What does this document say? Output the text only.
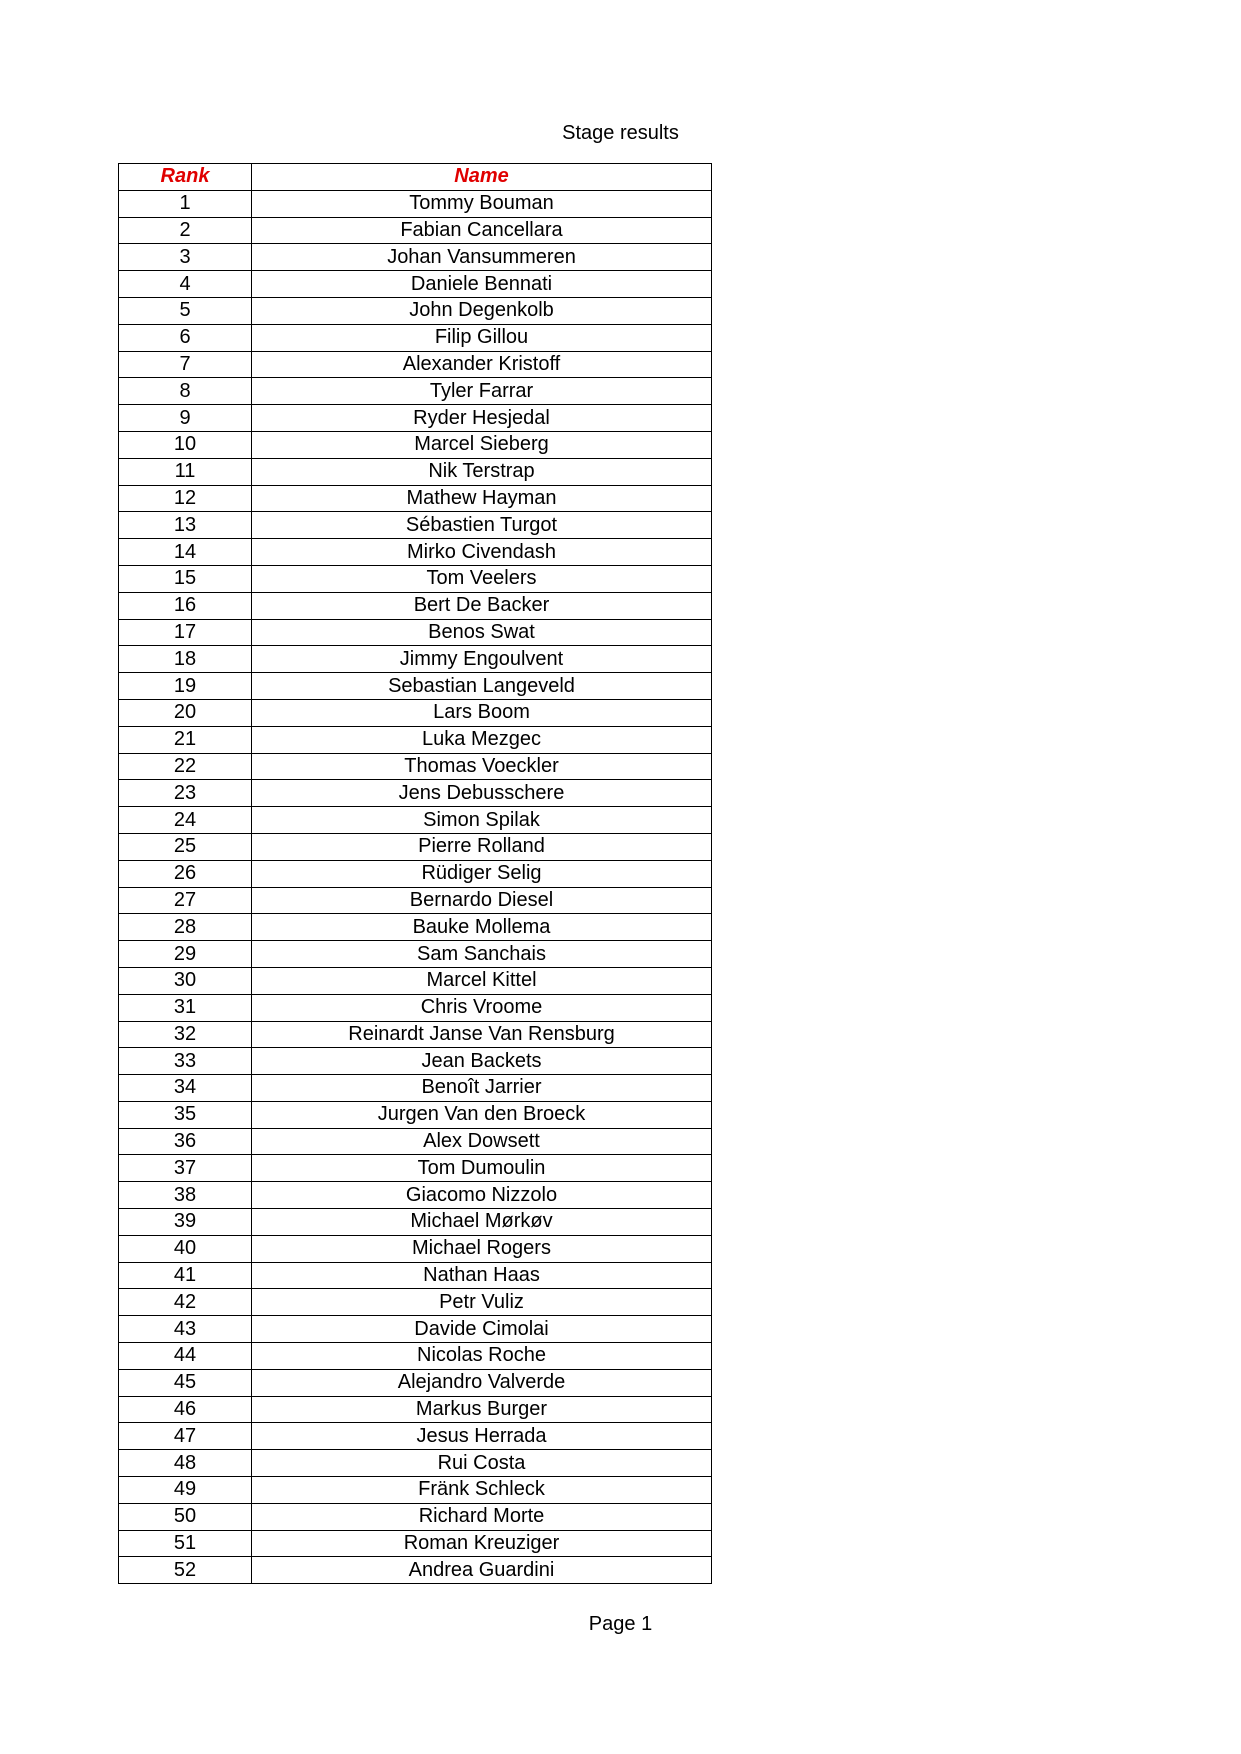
Stage results
Rank	Name
1	Tommy Bouman
2	Fabian Cancellara
3	Johan Vansummeren
4	Daniele Bennati
5	John Degenkolb
6	Filip Gillou
7	Alexander Kristoff
8	Tyler Farrar
9	Ryder Hesjedal
10	Marcel Sieberg
11	Nik Terstrap
12	Mathew Hayman
13	Sébastien Turgot
14	Mirko Civendash
15	Tom Veelers
16	Bert De Backer
17	Benos Swat
18	Jimmy Engoulvent
19	Sebastian Langeveld
20	Lars Boom
21	Luka Mezgec
22	Thomas Voeckler
23	Jens Debusschere
24	Simon Spilak
25	Pierre Rolland
26	Rüdiger Selig
27	Bernardo Diesel
28	Bauke Mollema
29	Sam Sanchais
30	Marcel Kittel
31	Chris Vroome
32	Reinardt Janse Van Rensburg
33	Jean Backets
34	Benoît Jarrier
35	Jurgen Van den Broeck
36	Alex Dowsett
37	Tom Dumoulin
38	Giacomo Nizzolo
39	Michael Mørkøv
40	Michael Rogers
41	Nathan Haas
42	Petr Vuliz
43	Davide Cimolai
44	Nicolas Roche
45	Alejandro Valverde
46	Markus Burger
47	Jesus Herrada
48	Rui Costa
49	Fränk Schleck
50	Richard Morte
51	Roman Kreuziger
52	Andrea Guardini
Page 1
